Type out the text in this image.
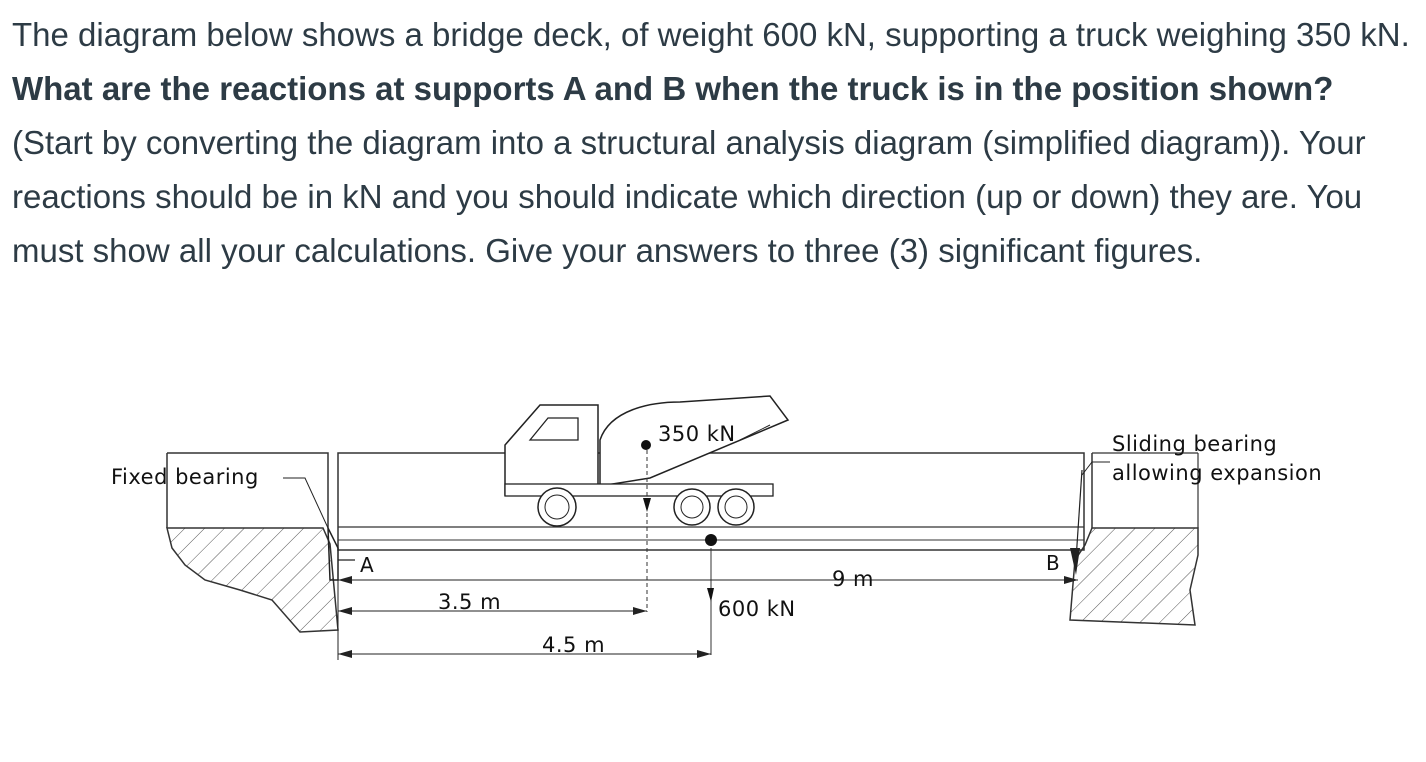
The diagram below shows a bridge deck, of weight 600 kN, supporting a truck weighing 350 kN. What are the reactions at supports A and B when the truck is in the position shown? (Start by converting the diagram into a structural analysis diagram (simplified diagram)). Your reactions should be in kN and you should indicate which direction (up or down) they are. You must show all your calculations. Give your answers to three (3) significant figures.

Fixed bearing
Sliding bearing
allowing expansion
350 kN
600 kN
A	B
3.5 m
4.5 m
9 m
